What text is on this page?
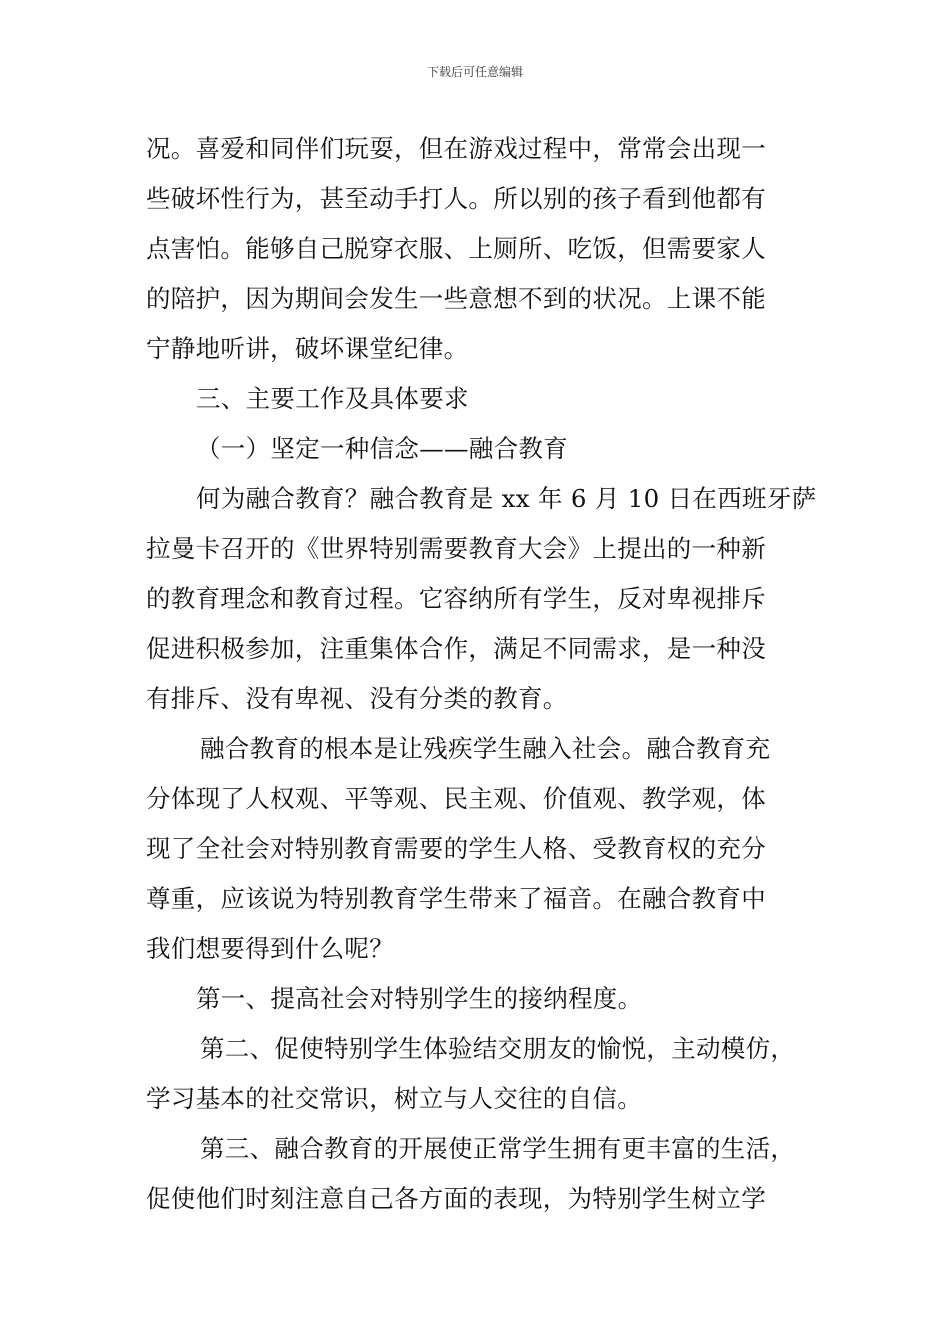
下载后可任意编辑
况。喜爱和同伴们玩耍，但在游戏过程中，常常会出现一
些破坏性行为，甚至动手打人。所以别的孩子看到他都有
点害怕。能够自己脱穿衣服、上厕所、吃饭，但需要家人
的陪护，因为期间会发生一些意想不到的状况。上课不能
宁静地听讲，破坏课堂纪律。
三、主要工作及具体要求
（一）坚定一种信念——融合教育
何为融合教育？融合教育是 xx 年 6 月 10 日在西班牙萨
拉曼卡召开的《世界特别需要教育大会》上提出的一种新
的教育理念和教育过程。它容纳所有学生，反对卑视排斥
促进积极参加，注重集体合作，满足不同需求，是一种没
有排斥、没有卑视、没有分类的教育。
融合教育的根本是让残疾学生融入社会。融合教育充
分体现了人权观、平等观、民主观、价值观、教学观，体
现了全社会对特别教育需要的学生人格、受教育权的充分
尊重，应该说为特别教育学生带来了福音。在融合教育中
我们想要得到什么呢？
第一、提高社会对特别学生的接纳程度。
第二、促使特别学生体验结交朋友的愉悦，主动模仿，
学习基本的社交常识，树立与人交往的自信。
第三、融合教育的开展使正常学生拥有更丰富的生活，
促使他们时刻注意自己各方面的表现，为特别学生树立学
